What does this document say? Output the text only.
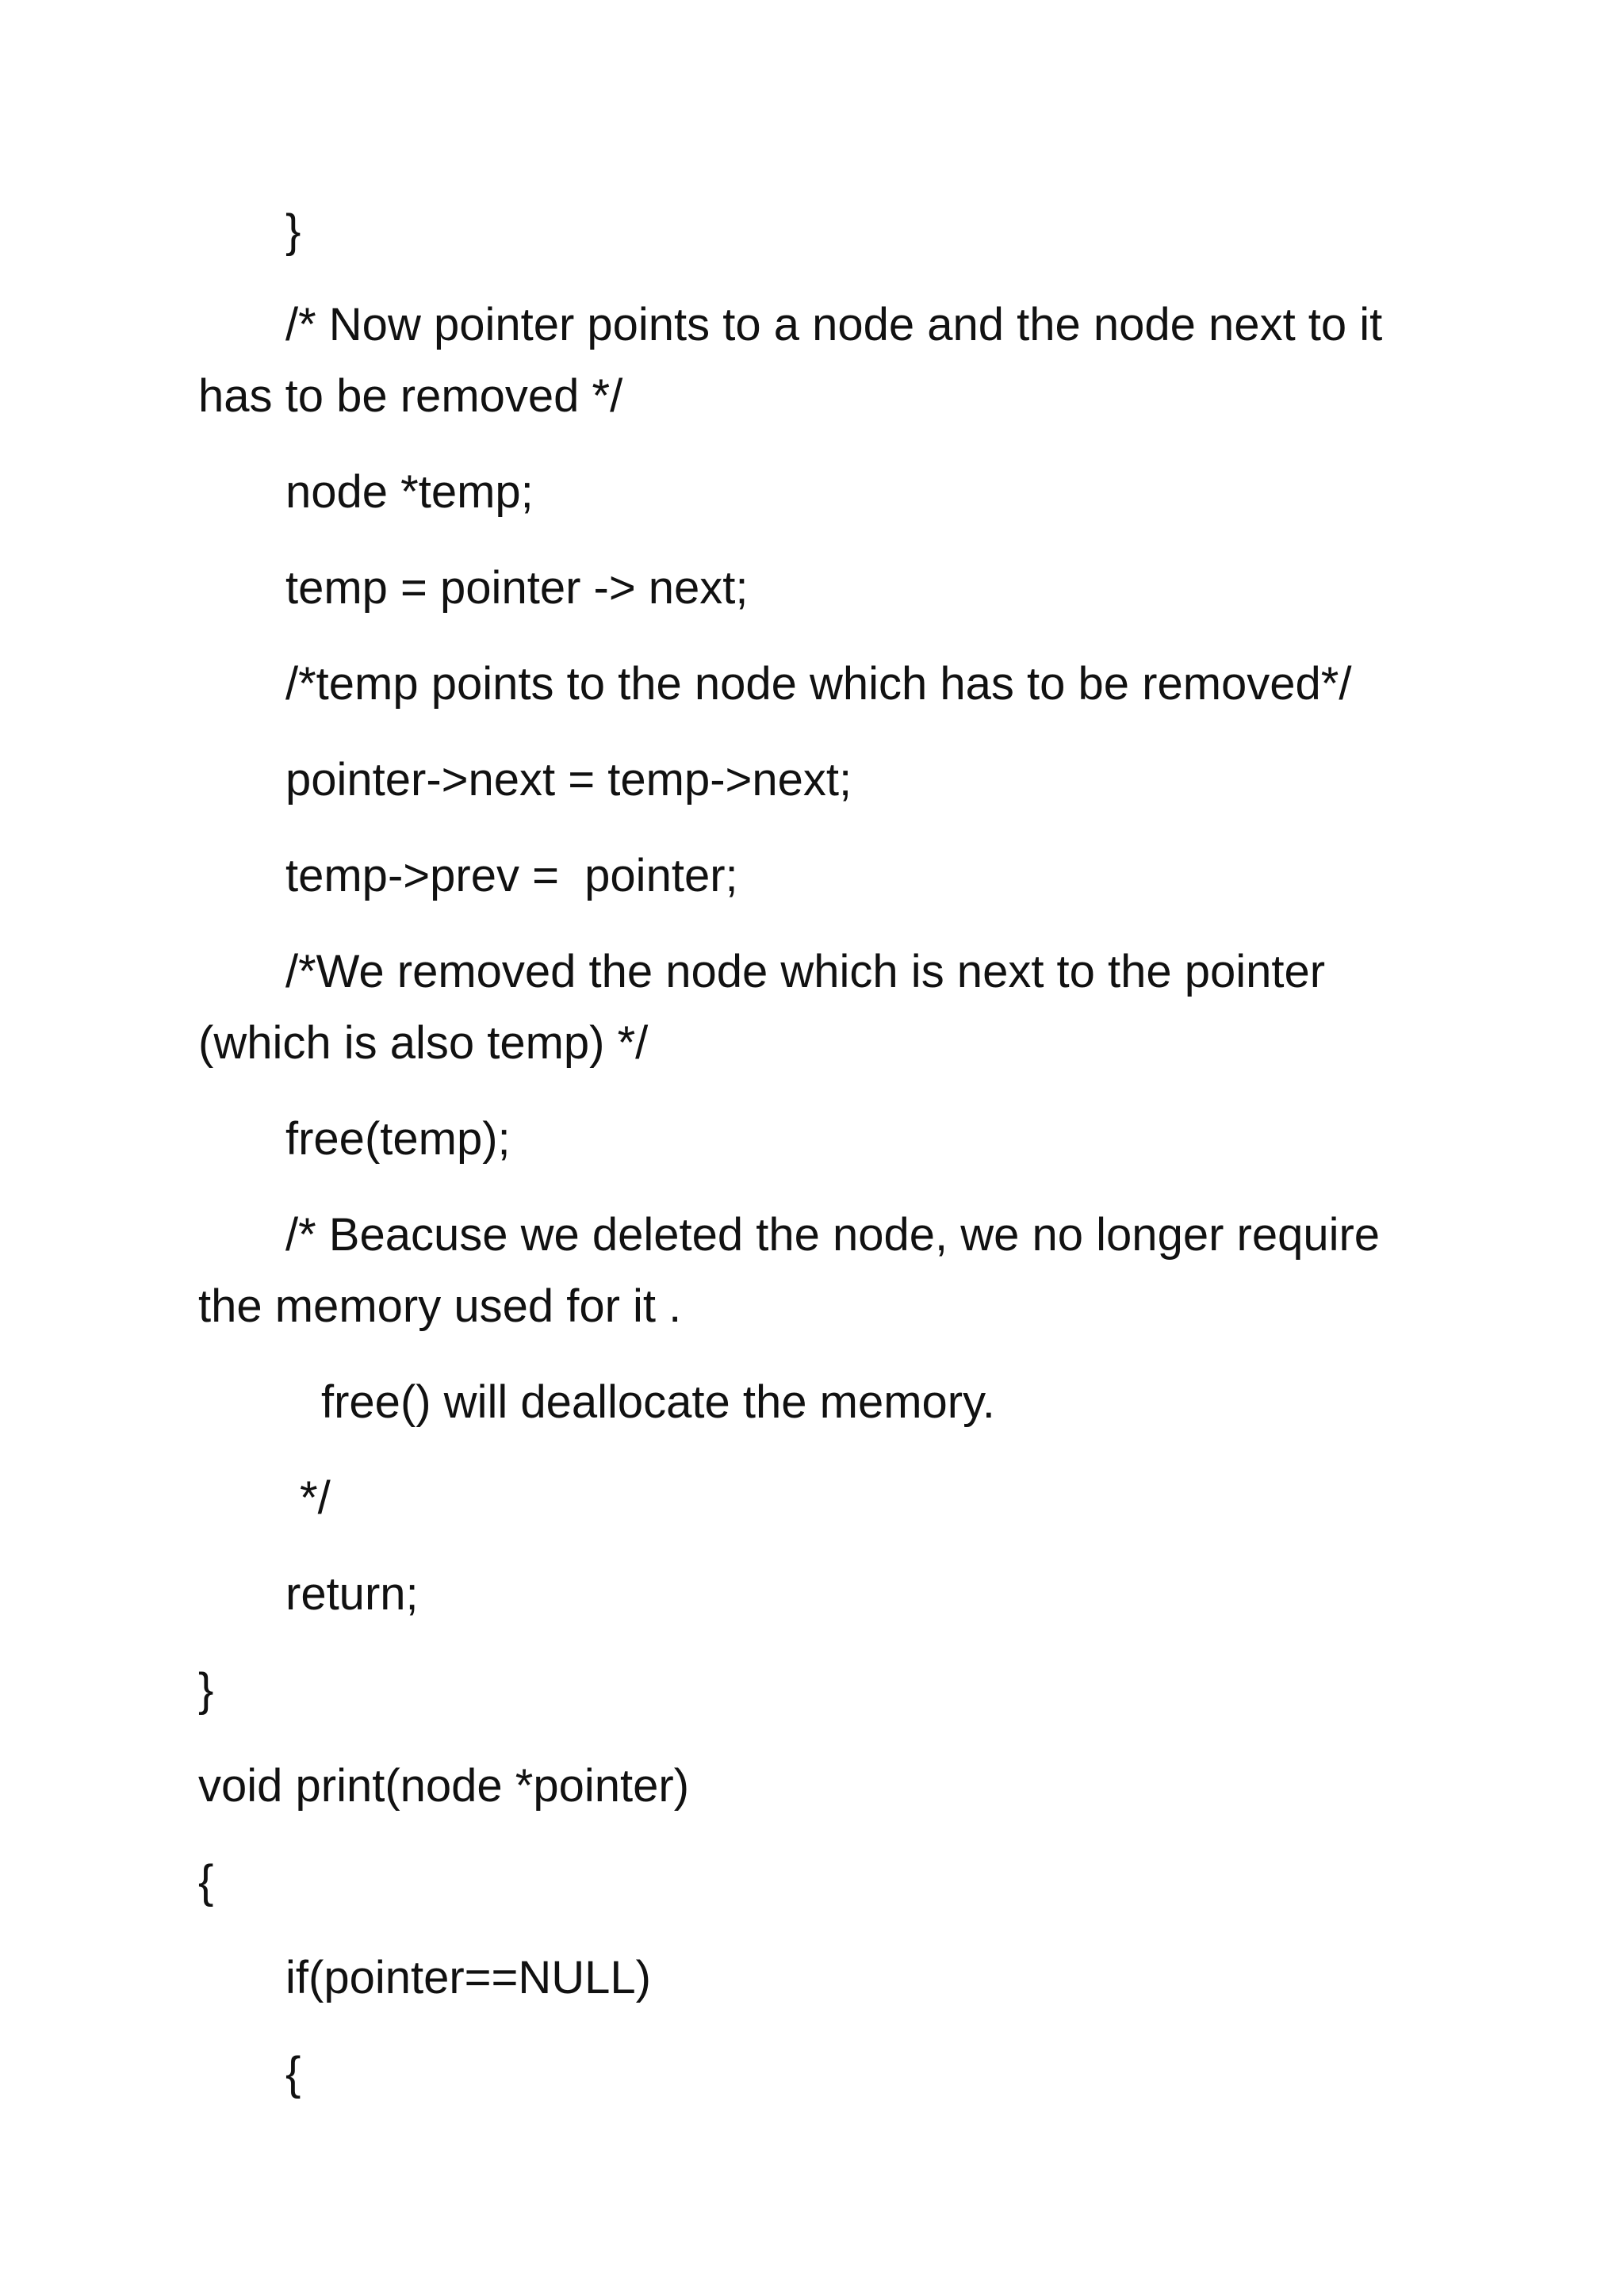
}

/* Now pointer points to a node and the node next to it

has to be removed */

node *temp;

temp = pointer -> next;

/*temp points to the node which has to be removed*/

pointer->next = temp->next;

temp->prev =  pointer;

/*We removed the node which is next to the pointer

(which is also temp) */

free(temp);

/* Beacuse we deleted the node, we no longer require

the memory used for it .

free() will deallocate the memory.

*/

return;

}

void print(node *pointer)

{

if(pointer==NULL)

{
